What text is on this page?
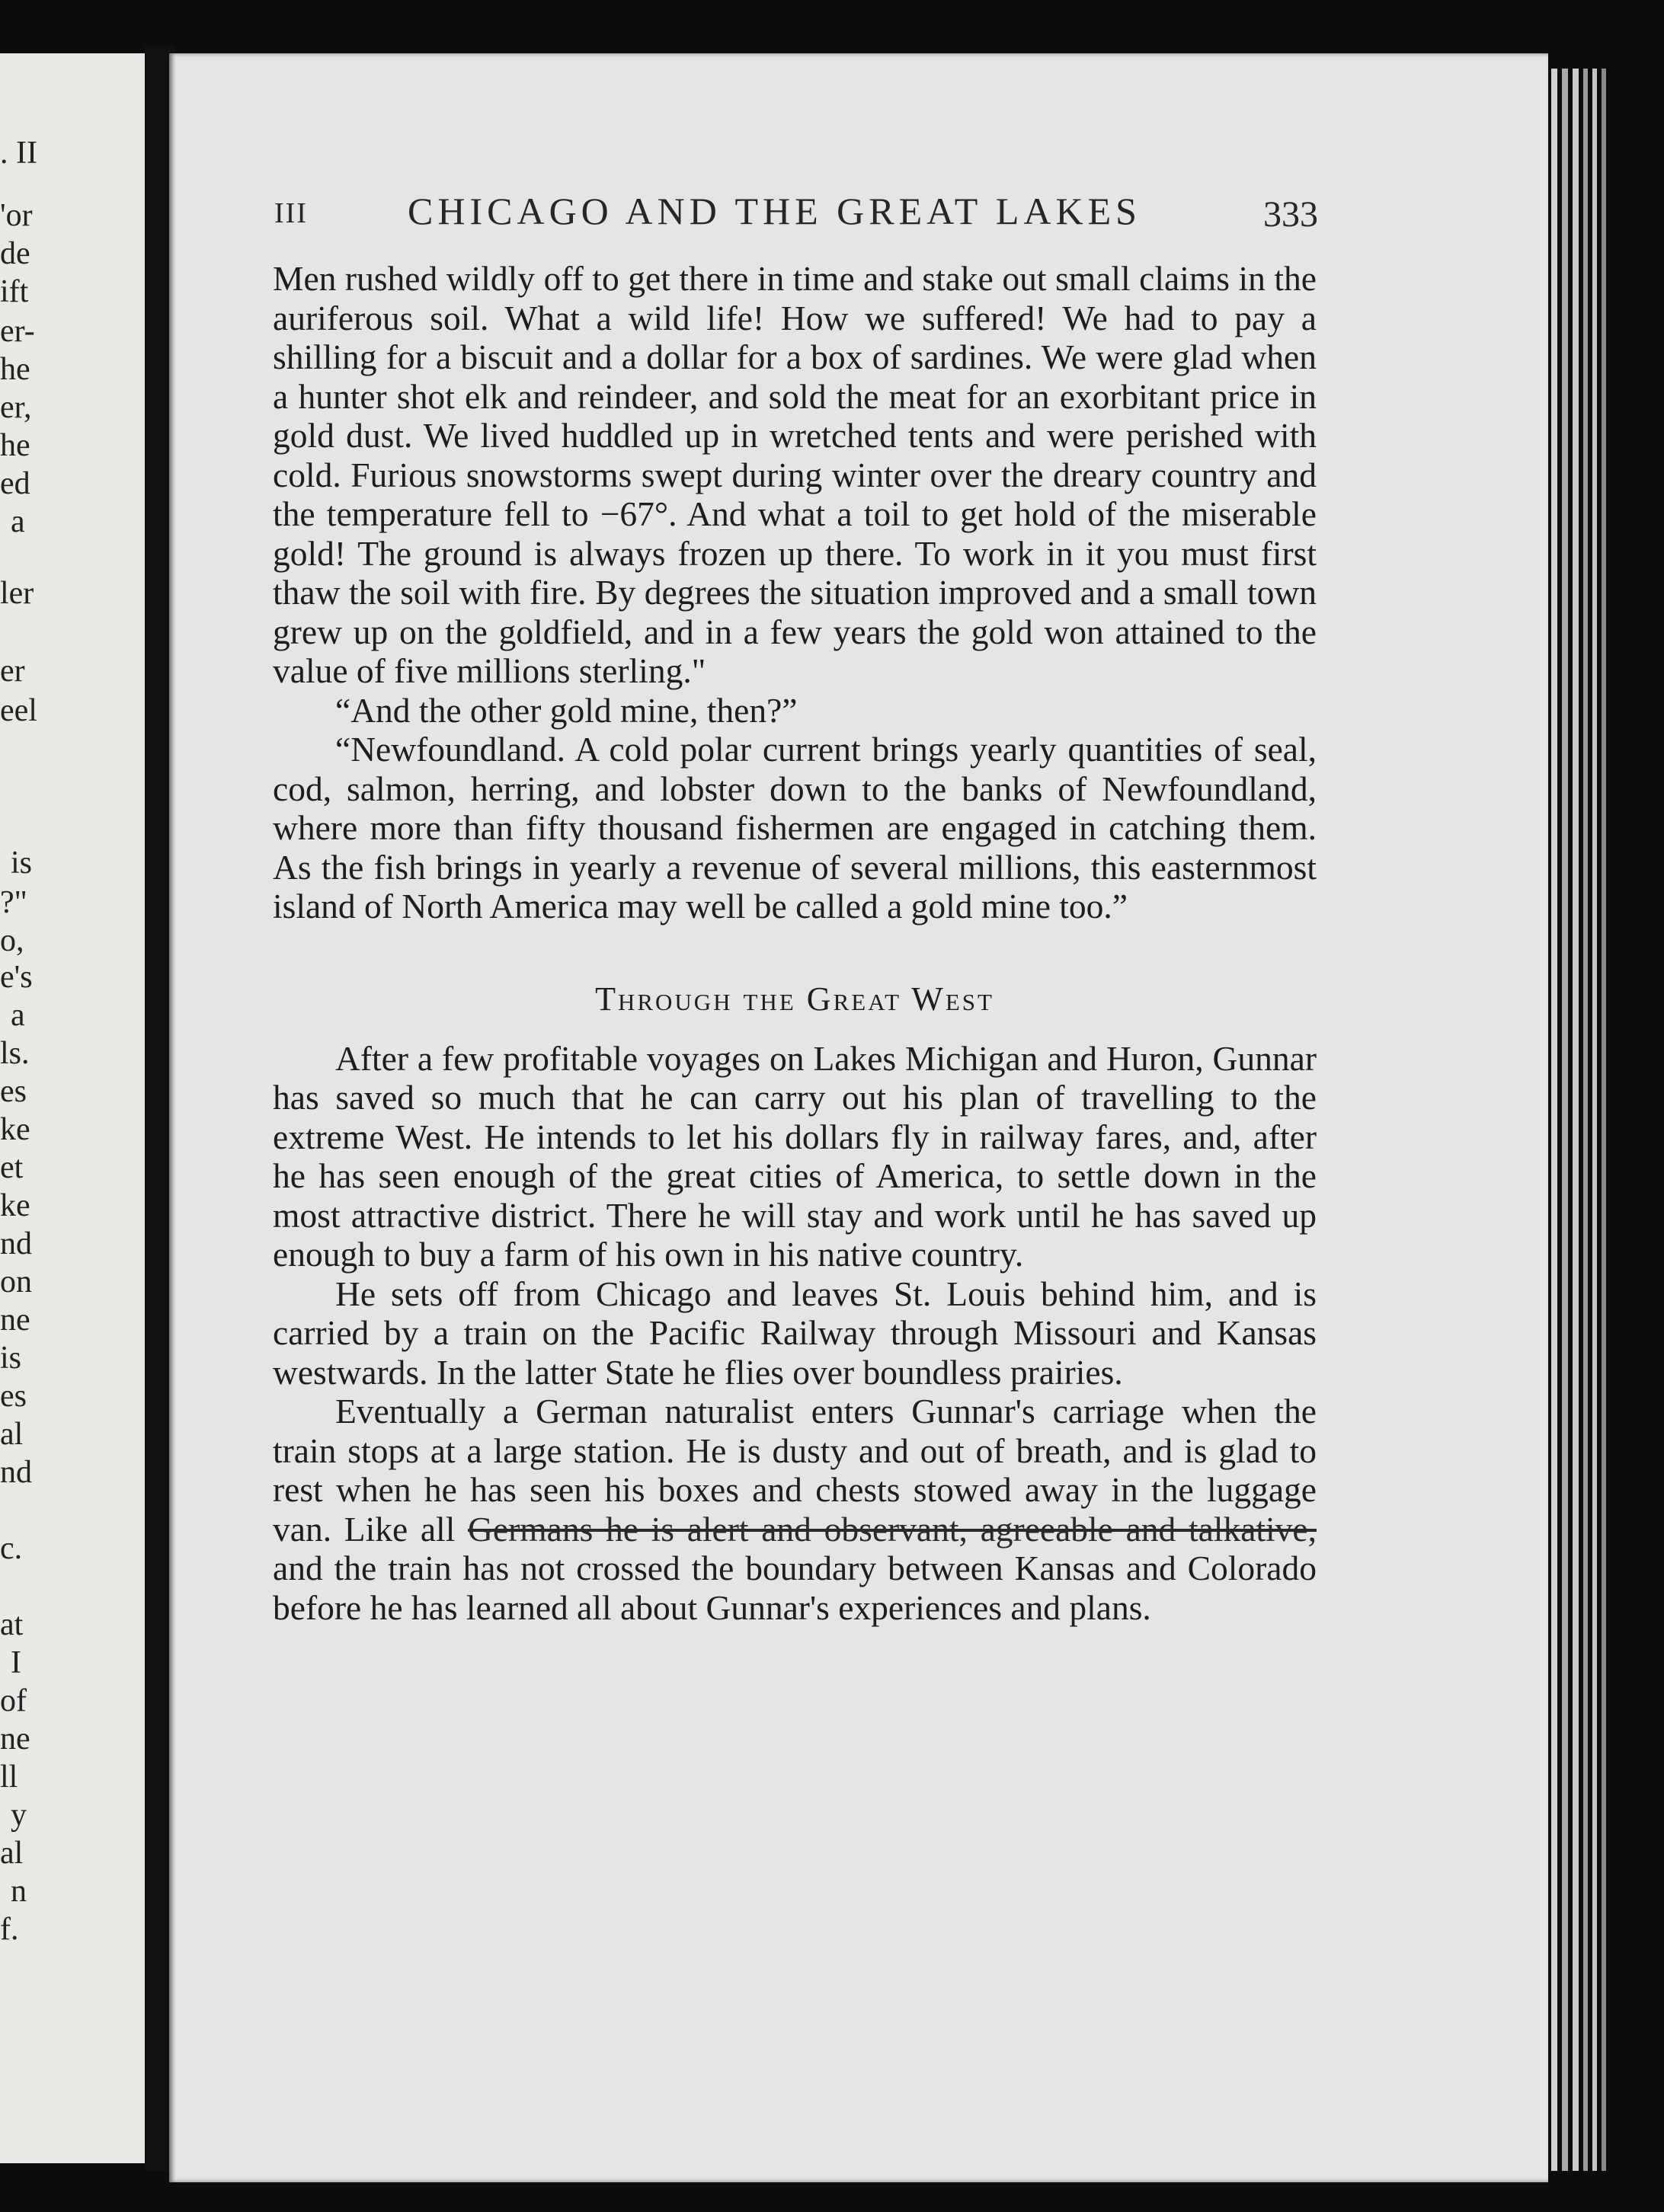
. II
'or
de
ift
er-
he
er,
he
ed
a
ler
er
eel
is
?"
o,
e's
a
ls.
es
ke
et
ke
nd
on
ne
is
es
al
nd
c.
at
I
of
ne
ll
y
al
n
f.
III	CHICAGO AND THE GREAT LAKES	333

Men rushed wildly off to get there in time and stake out small claims in the auriferous soil. What a wild life! How we suffered! We had to pay a shilling for a biscuit and a dollar for a box of sardines. We were glad when a hunter shot elk and reindeer, and sold the meat for an exorbitant price in gold dust. We lived huddled up in wretched tents and were perished with cold. Furious snowstorms swept during winter over the dreary country and the temperature fell to −67°. And what a toil to get hold of the miserable gold! The ground is always frozen up there. To work in it you must first thaw the soil with fire. By degrees the situation improved and a small town grew up on the goldfield, and in a few years the gold won attained to the value of five millions sterling."

“And the other gold mine, then?”

“Newfoundland. A cold polar current brings yearly quantities of seal, cod, salmon, herring, and lobster down to the banks of Newfoundland, where more than fifty thousand fishermen are engaged in catching them. As the fish brings in yearly a revenue of several millions, this easternmost island of North America may well be called a gold mine too.”

Through the Great West

After a few profitable voyages on Lakes Michigan and Huron, Gunnar has saved so much that he can carry out his plan of travelling to the extreme West. He intends to let his dollars fly in railway fares, and, after he has seen enough of the great cities of America, to settle down in the most attractive district. There he will stay and work until he has saved up enough to buy a farm of his own in his native country.

He sets off from Chicago and leaves St. Louis behind him, and is carried by a train on the Pacific Railway through Missouri and Kansas westwards. In the latter State he flies over boundless prairies.

Eventually a German naturalist enters Gunnar's carriage when the train stops at a large station. He is dusty and out of breath, and is glad to rest when he has seen his boxes and chests stowed away in the luggage van. Like all Germans he is alert and observant, agreeable and talkative, and the train has not crossed the boundary between Kansas and Colorado before he has learned all about Gunnar's experiences and plans.
